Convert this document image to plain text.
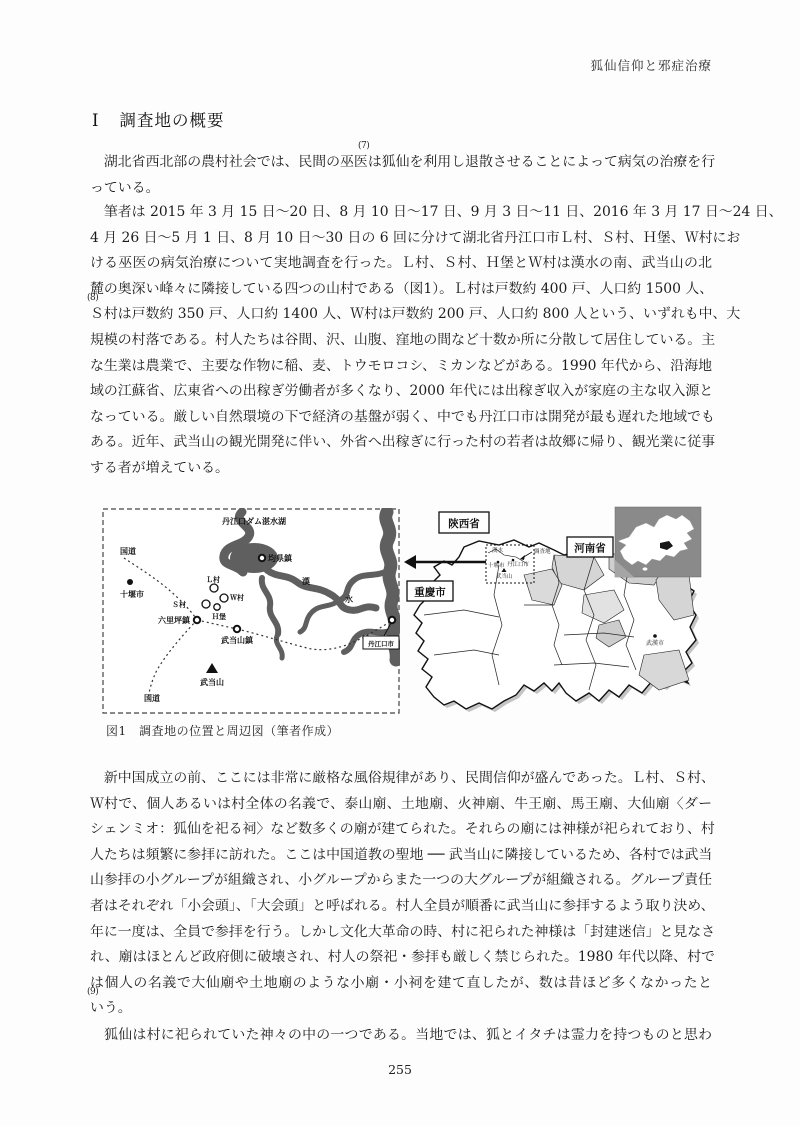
狐仙信仰と邪症治療
Ⅰ 調査地の概要
(7)
　湖北省西北部の農村社会では、民間の巫医は狐仙を利用し退散させることによって病気の治療を行
っている。
(8)
　筆者は 2015 年 3 月 15 日～20 日、8 月 10 日～17 日、9 月 3 日～11 日、2016 年 3 月 17 日～24 日、
4 月 26 日～5 月 1 日、8 月 10 日～30 日の 6 回に分けて湖北省丹江口市Ｌ村、Ｓ村、Ｈ堡、Ｗ村にお
ける巫医の病気治療について実地調査を行った。Ｌ村、Ｓ村、Ｈ堡とＷ村は漢水の南、武当山の北
麓の奥深い峰々に隣接している四つの山村である（図1）。Ｌ村は戸数約 400 戸、人口約 1500 人、
Ｓ村は戸数約 350 戸、人口約 1400 人、Ｗ村は戸数約 200 戸、人口約 800 人という、いずれも中、大
規模の村落である。村人たちは谷間、沢、山腹、窪地の間など十数か所に分散して居住している。主
な生業は農業で、主要な作物に稲、麦、トウモロコシ、ミカンなどがある。1990 年代から、沿海地
域の江蘇省、広東省への出稼ぎ労働者が多くなり、2000 年代には出稼ぎ収入が家庭の主な収入源と
なっている。厳しい自然環境の下で経済の基盤が弱く、中でも丹江口市は開発が最も遅れた地域でも
ある。近年、武当山の観光開発に伴い、外省へ出稼ぎに行った村の若者は故郷に帰り、観光業に従事
する者が増えている。
丹江口ダム湛水湖
国道
十堰市
均県鎮
Ｌ村
Ｗ村
Ｓ村
Ｈ堡
六里坪鎮
武当山鎮
武当山
国道
丹江口市
漢
水
陝西省
河南省
重慶市
漢水	調査地
十堰市 丹江口市
武当山
武漢市
図1　調査地の位置と周辺図（筆者作成）
(9)
　新中国成立の前、ここには非常に厳格な風俗規律があり、民間信仰が盛んであった。Ｌ村、Ｓ村、
Ｗ村で、個人あるいは村全体の名義で、泰山廟、土地廟、火神廟、牛王廟、馬王廟、大仙廟〈ダー
シェンミオ：狐仙を祀る祠〉など数多くの廟が建てられた。それらの廟には神様が祀られており、村
人たちは頻繁に参拝に訪れた。ここは中国道教の聖地 ── 武当山に隣接しているため、各村では武当
山参拝の小グループが組織され、小グループからまた一つの大グループが組織される。グループ責任
者はそれぞれ「小会頭」、「大会頭」と呼ばれる。村人全員が順番に武当山に参拝するよう取り決め、
年に一度は、全員で参拝を行う。しかし文化大革命の時、村に祀られた神様は「封建迷信」と見なさ
れ、廟はほとんど政府側に破壊され、村人の祭祀・参拝も厳しく禁じられた。1980 年代以降、村で
は個人の名義で大仙廟や土地廟のような小廟・小祠を建て直したが、数は昔ほど多くなかったと
いう。
　狐仙は村に祀られていた神々の中の一つである。当地では、狐とイタチは霊力を持つものと思わ
255
